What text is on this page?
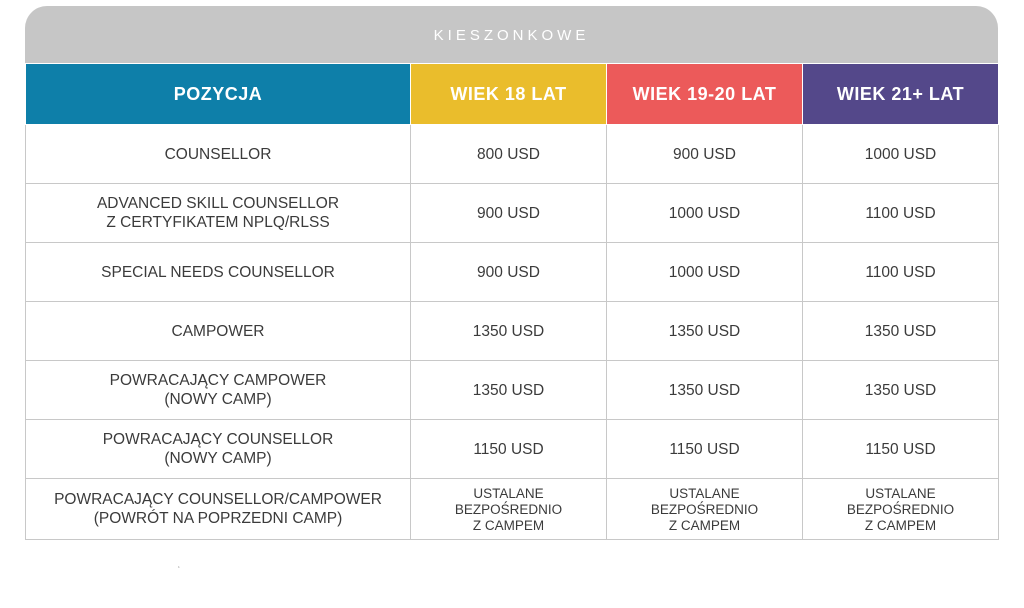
KIESZONKOWE
POZYCJA	WIEK 18 LAT	WIEK 19-20 LAT	WIEK 21+ LAT

COUNSELLOR	800 USD	900 USD	1000 USD

ADVANCED SKILL COUNSELLOR
Z CERTYFIKATEM NPLQ/RLSS	900 USD	1000 USD	1100 USD

SPECIAL NEEDS COUNSELLOR	900 USD	1000 USD	1100 USD

CAMPOWER	1350 USD	1350 USD	1350 USD

POWRACAJĄCY CAMPOWER
(NOWY CAMP)	1350 USD	1350 USD	1350 USD

POWRACAJĄCY COUNSELLOR
(NOWY CAMP)	1150 USD	1150 USD	1150 USD

POWRACAJĄCY COUNSELLOR/CAMPOWER
(POWRÓT NA POPRZEDNI CAMP)	USTALANE
BEZPOŚREDNIO
Z CAMPEM	USTALANE
BEZPOŚREDNIO
Z CAMPEM	USTALANE
BEZPOŚREDNIO
Z CAMPEM
‘
